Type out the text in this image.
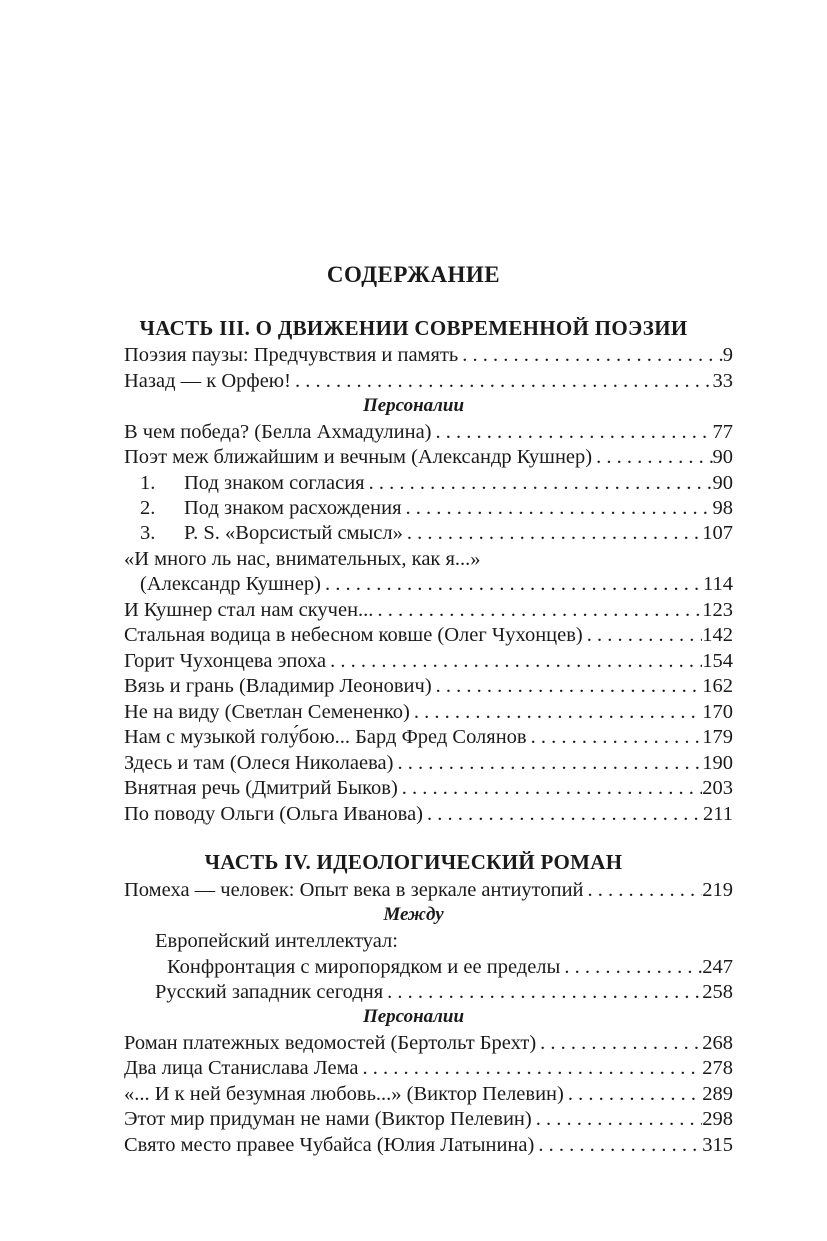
СОДЕРЖАНИЕ
ЧАСТЬ III. О ДВИЖЕНИИ СОВРЕМЕННОЙ ПОЭЗИИ
Поэзия паузы: Предчувствия и память . . .	9
Назад — к Орфею! . . .	33
Персоналии
В чем победа? (Белла Ахмадулина) . . .	77
Поэт меж ближайшим и вечным (Александр Кушнер) . . .	90
1.	Под знаком согласия . . .	90
2.	Под знаком расхождения . . .	98
3.	P. S. «Ворсистый смысл» . . .	107
«И много ль нас, внимательных, как я...»
(Александр Кушнер) . . .	114
И Кушнер стал нам скучен... . . .	123
Стальная водица в небесном ковше (Олег Чухонцев) . . .	142
Горит Чухонцева эпоха . . .	154
Вязь и грань (Владимир Леонович) . . .	162
Не на виду (Светлан Семененко) . . .	170
Нам с музыкой голу́бою... Бард Фред Солянов . . .	179
Здесь и там (Олеся Николаева) . . .	190
Внятная речь (Дмитрий Быков) . . .	203
По поводу Ольги (Ольга Иванова) . . .	211
ЧАСТЬ IV. ИДЕОЛОГИЧЕСКИЙ РОМАН
Помеха — человек: Опыт века в зеркале антиутопий . . .	219
Между
Европейский интеллектуал:
Конфронтация с миропорядком и ее пределы . . .	247
Русский западник сегодня . . .	258
Персоналии
Роман платежных ведомостей (Бертольт Брехт) . . .	268
Два лица Станислава Лема . . .	278
«... И к ней безумная любовь...» (Виктор Пелевин) . . .	289
Этот мир придуман не нами (Виктор Пелевин) . . .	298
Свято место правее Чубайса (Юлия Латынина) . . .	315
